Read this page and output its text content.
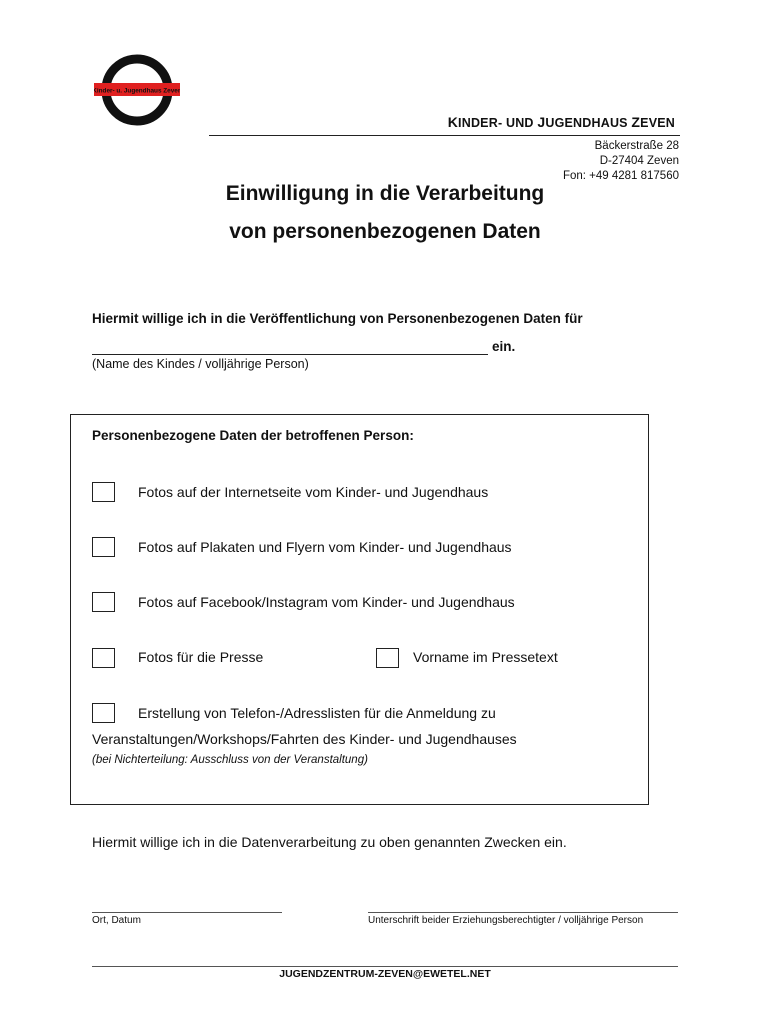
Kinder- u. Jugendhaus Zeven
KINDER- UND JUGENDHAUS ZEVEN
Bäckerstraße 28
D-27404 Zeven
Fon: +49 4281 817560
Einwilligung in die Verarbeitung
von personenbezogenen Daten
Hiermit willige ich in die Veröffentlichung von Personenbezogenen Daten für
ein.
(Name des Kindes / volljährige Person)
Personenbezogene Daten der betroffenen Person:
Fotos auf der Internetseite vom Kinder- und Jugendhaus
Fotos auf Plakaten und Flyern vom Kinder- und Jugendhaus
Fotos auf Facebook/Instagram vom Kinder- und Jugendhaus
Fotos für die Presse	Vorname im Pressetext
Erstellung von Telefon-/Adresslisten für die Anmeldung zu
Veranstaltungen/Workshops/Fahrten des Kinder- und Jugendhauses
(bei Nichterteilung: Ausschluss von der Veranstaltung)
Hiermit willige ich in die Datenverarbeitung zu oben genannten Zwecken ein.
Ort, Datum	Unterschrift beider Erziehungsberechtigter / volljährige Person
JUGENDZENTRUM-ZEVEN@EWETEL.NET
